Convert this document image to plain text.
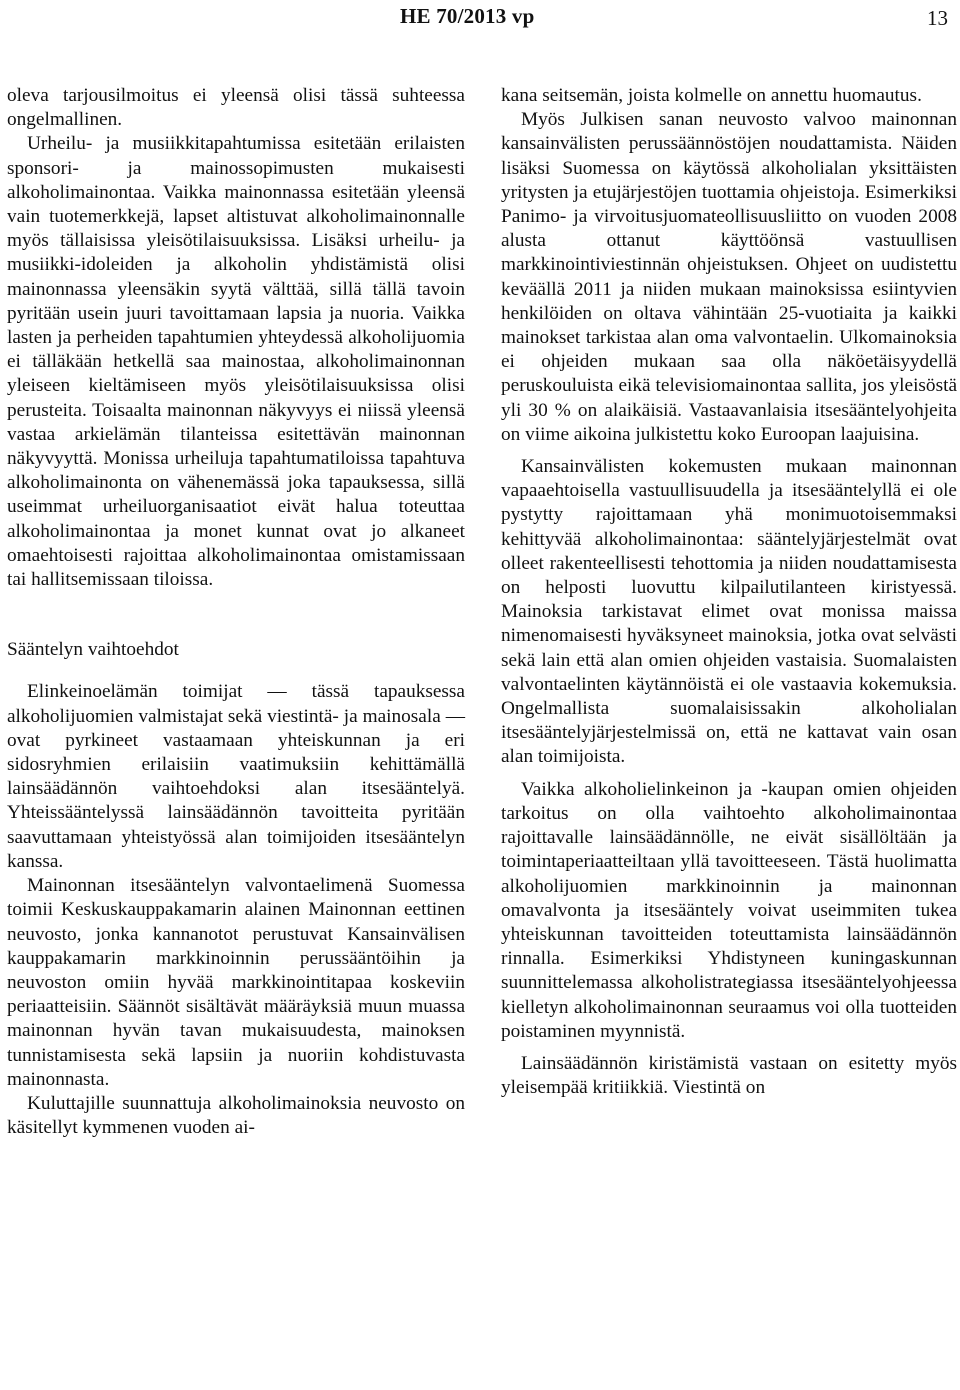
HE 70/2013 vp	13

oleva tarjousilmoitus ei yleensä olisi tässä suhteessa ongelmallinen.

Urheilu- ja musiikkitapahtumissa esitetään erilaisten sponsori- ja mainossopimusten mukaisesti alkoholimainontaa. Vaikka mainonnassa esitetään yleensä vain tuotemerkkejä, lapset altistuvat alkoholimainonnalle myös tällaisissa yleisötilaisuuksissa. Lisäksi urheilu- ja musiikki-idoleiden ja alkoholin yhdistämistä olisi mainonnassa yleensäkin syytä välttää, sillä tällä tavoin pyritään usein juuri tavoittamaan lapsia ja nuoria. Vaikka lasten ja perheiden tapahtumien yhteydessä alkoholijuomia ei tälläkään hetkellä saa mainostaa, alkoholimainonnan yleiseen kieltämiseen myös yleisötilaisuuksissa olisi perusteita. Toisaalta mainonnan näkyvyys ei niissä yleensä vastaa arkielämän tilanteissa esitettävän mainonnan näkyvyyttä. Monissa urheiluja tapahtumatiloissa tapahtuva alkoholimainonta on vähenemässä joka tapauksessa, sillä useimmat urheiluorganisaatiot eivät halua toteuttaa alkoholimainontaa ja monet kunnat ovat jo alkaneet omaehtoisesti rajoittaa alkoholimainontaa omistamissaan tai hallitsemissaan tiloissa.

Sääntelyn vaihtoehdot

Elinkeinoelämän toimijat — tässä tapauksessa alkoholijuomien valmistajat sekä viestintä- ja mainosala — ovat pyrkineet vastaamaan yhteiskunnan ja eri sidosryhmien erilaisiin vaatimuksiin kehittämällä lainsäädännön vaihtoehdoksi alan itsesääntelyä. Yhteissääntelyssä lainsäädännön tavoitteita pyritään saavuttamaan yhteistyössä alan toimijoiden itsesääntelyn kanssa.

Mainonnan itsesääntelyn valvontaelimenä Suomessa toimii Keskuskauppakamarin alainen Mainonnan eettinen neuvosto, jonka kannanotot perustuvat Kansainvälisen kauppakamarin markkinoinnin perussääntöihin ja neuvoston omiin hyvää markkinointitapaa koskeviin periaatteisiin. Säännöt sisältävät määräyksiä muun muassa mainonnan hyvän tavan mukaisuudesta, mainoksen tunnistamisesta sekä lapsiin ja nuoriin kohdistuvasta mainonnasta.

Kuluttajille suunnattuja alkoholimainoksia neuvosto on käsitellyt kymmenen vuoden ai-

kana seitsemän, joista kolmelle on annettu huomautus.

Myös Julkisen sanan neuvosto valvoo mainonnan kansainvälisten perussäännöstöjen noudattamista. Näiden lisäksi Suomessa on käytössä alkoholialan yksittäisten yritysten ja etujärjestöjen tuottamia ohjeistoja. Esimerkiksi Panimo- ja virvoitusjuomateollisuusliitto on vuoden 2008 alusta ottanut käyttöönsä vastuullisen markkinointiviestinnän ohjeistuksen. Ohjeet on uudistettu keväällä 2011 ja niiden mukaan mainoksissa esiintyvien henkilöiden on oltava vähintään 25-vuotiaita ja kaikki mainokset tarkistaa alan oma valvontaelin. Ulkomainoksia ei ohjeiden mukaan saa olla näköetäisyydellä peruskouluista eikä televisiomainontaa sallita, jos yleisöstä yli 30 % on alaikäisiä. Vastaavanlaisia itsesääntelyohjeita on viime aikoina julkistettu koko Euroopan laajuisina.

Kansainvälisten kokemusten mukaan mainonnan vapaaehtoisella vastuullisuudella ja itsesääntelyllä ei ole pystytty rajoittamaan yhä monimuotoisemmaksi kehittyvää alkoholimainontaa: sääntelyjärjestelmät ovat olleet rakenteellisesti tehottomia ja niiden noudattamisesta on helposti luovuttu kilpailutilanteen kiristyessä. Mainoksia tarkistavat elimet ovat monissa maissa nimenomaisesti hyväksyneet mainoksia, jotka ovat selvästi sekä lain että alan omien ohjeiden vastaisia. Suomalaisten valvontaelinten käytännöistä ei ole vastaavia kokemuksia. Ongelmallista suomalaisissakin alkoholialan itsesääntelyjärjestelmissä on, että ne kattavat vain osan alan toimijoista.

Vaikka alkoholielinkeinon ja -kaupan omien ohjeiden tarkoitus on olla vaihtoehto alkoholimainontaa rajoittavalle lainsäädännölle, ne eivät sisällöltään ja toimintaperiaatteiltaan yllä tavoitteeseen. Tästä huolimatta alkoholijuomien markkinoinnin ja mainonnan omavalvonta ja itsesääntely voivat useimmiten tukea yhteiskunnan tavoitteiden toteuttamista lainsäädännön rinnalla. Esimerkiksi Yhdistyneen kuningaskunnan suunnittelemassa alkoholistrategiassa itsesääntelyohjeessa kielletyn alkoholimainonnan seuraamus voi olla tuotteiden poistaminen myynnistä.

Lainsäädännön kiristämistä vastaan on esitetty myös yleisempää kritiikkiä. Viestintä on
